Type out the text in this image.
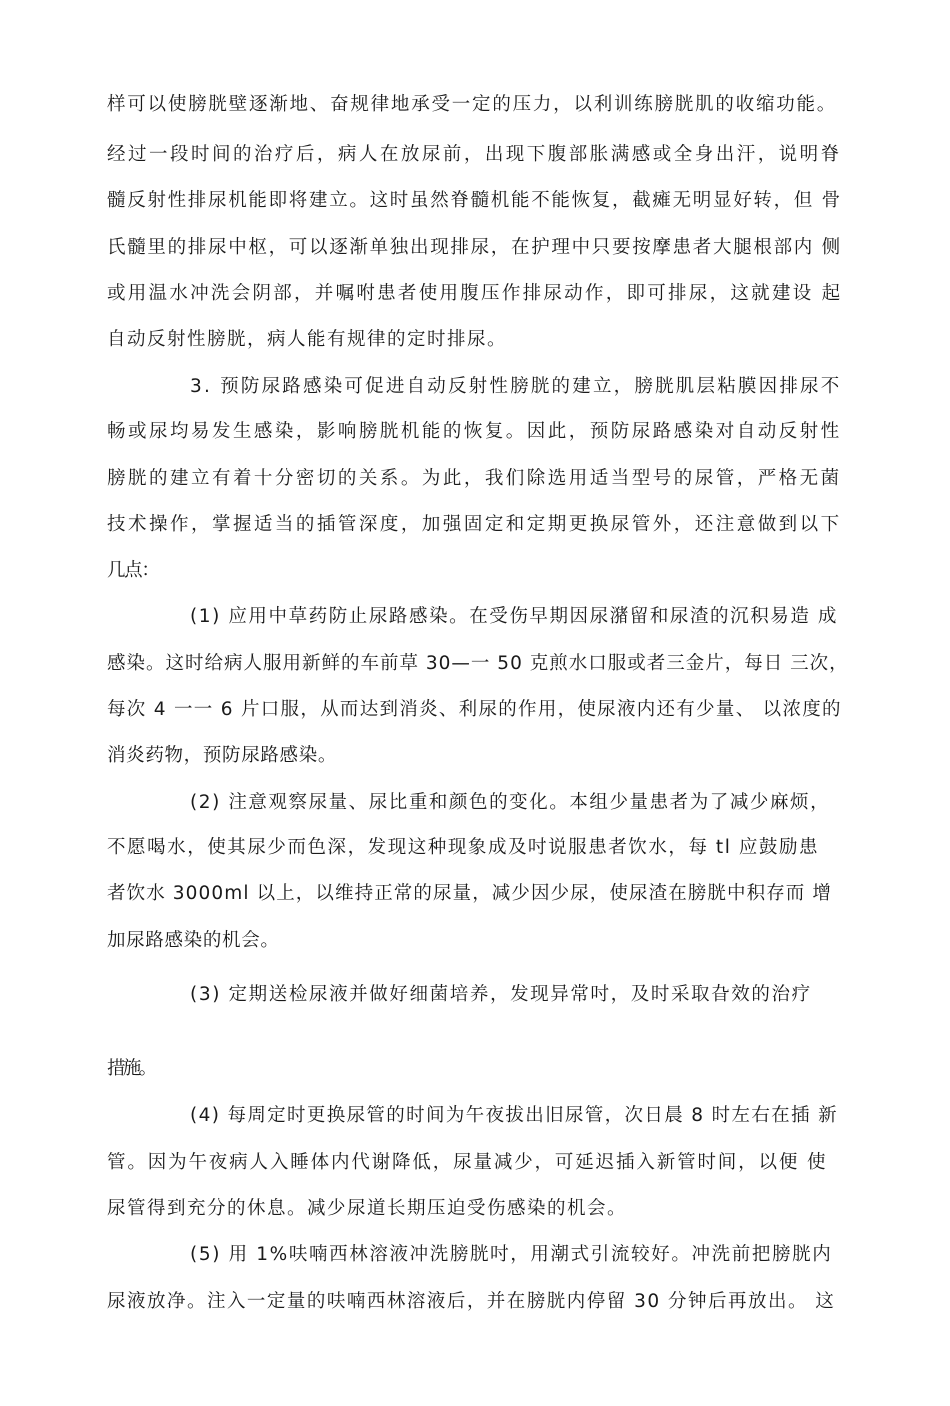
样可以使膀胱壁逐渐地、奋规律地承受一定的压力，以利训练膀胱肌的收缩功能。
经过一段时间的治疗后，病人在放尿前，出现下腹部胀满感或全身出汗，说明脊
髓反射性排尿机能即将建立。这时虽然脊髓机能不能恢复，截瘫无明显好转，但 骨
氏髓里的排尿中枢，可以逐渐单独出现排尿，在护理中只要按摩患者大腿根部内 侧
或用温水冲洗会阴部，并嘱咐患者使用腹压作排尿动作，即可排尿，这就建设 起
自动反射性膀胱，病人能有规律的定时排尿。
3. 预防尿路感染可促进自动反射性膀胱的建立，膀胱肌层粘膜因排尿不
畅或尿均易发生感染，影响膀胱机能的恢复。因此，预防尿路感染对自动反射性
膀胱的建立有着十分密切的关系。为此，我们除选用适当型号的尿管，严格无菌
技术操作，掌握适当的插管深度，加强固定和定期更换尿管外，还注意做到以下
几点：
(1) 应用中草药防止尿路感染。在受伤早期因尿潴留和尿渣的沉积易造 成
感染。这时给病人服用新鲜的车前草 30—一 50 克煎水口服或者三金片，每日 三次，
每次 4 一一 6 片口服，从而达到消炎、利尿的作用，使尿液内还有少量、 以浓度的
消炎药物，预防尿路感染。
(2) 注意观察尿量、尿比重和颜色的变化。本组少量患者为了减少麻烦，
不愿喝水，使其尿少而色深，发现这种现象成及吋说服患者饮水，每 tl 应鼓励患
者饮水 3000ml 以上，以维持正常的尿量，减少因少尿，使尿渣在膀胱中积存而 增
加尿路感染的机会。
(3) 定期送检尿液并做好细菌培养，发现异常吋，及时采取旮效的治疗
措施。
(4) 每周定时更换尿管的时间为午夜拔出旧尿管，次日晨 8 时左右在插 新
管。因为午夜病人入睡体内代谢降低，尿量减少，可延迟插入新管时间，以便 使
尿管得到充分的休息。减少尿道长期压迫受伤感染的机会。
(5) 用 1%呋喃西林溶液冲洗膀胱吋，用潮式引流较好。冲洗前把膀胱内
尿液放净。注入一定量的呋喃西林溶液后，并在膀胱内停留 30 分钟后再放出。 这
